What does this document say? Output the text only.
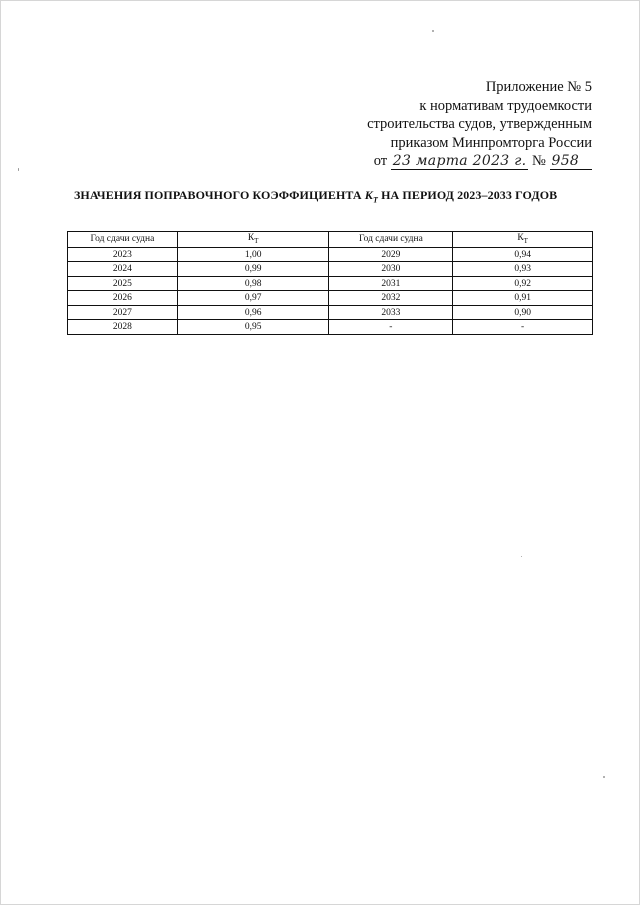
Приложение № 5
к нормативам трудоемкости
строительства судов, утвержденным
приказом Минпромторга России
от 23 марта 2023 г. № 958
ЗНАЧЕНИЯ ПОПРАВОЧНОГО КОЭФФИЦИЕНТА $К_Т$ НА ПЕРИОД 2023–2033 ГОДОВ
Год сдачи судна	$К_Т$	Год сдачи судна	$К_Т$
2023	1,00	2029	0,94
2024	0,99	2030	0,93
2025	0,98	2031	0,92
2026	0,97	2032	0,91
2027	0,96	2033	0,90
2028	0,95	-	-
